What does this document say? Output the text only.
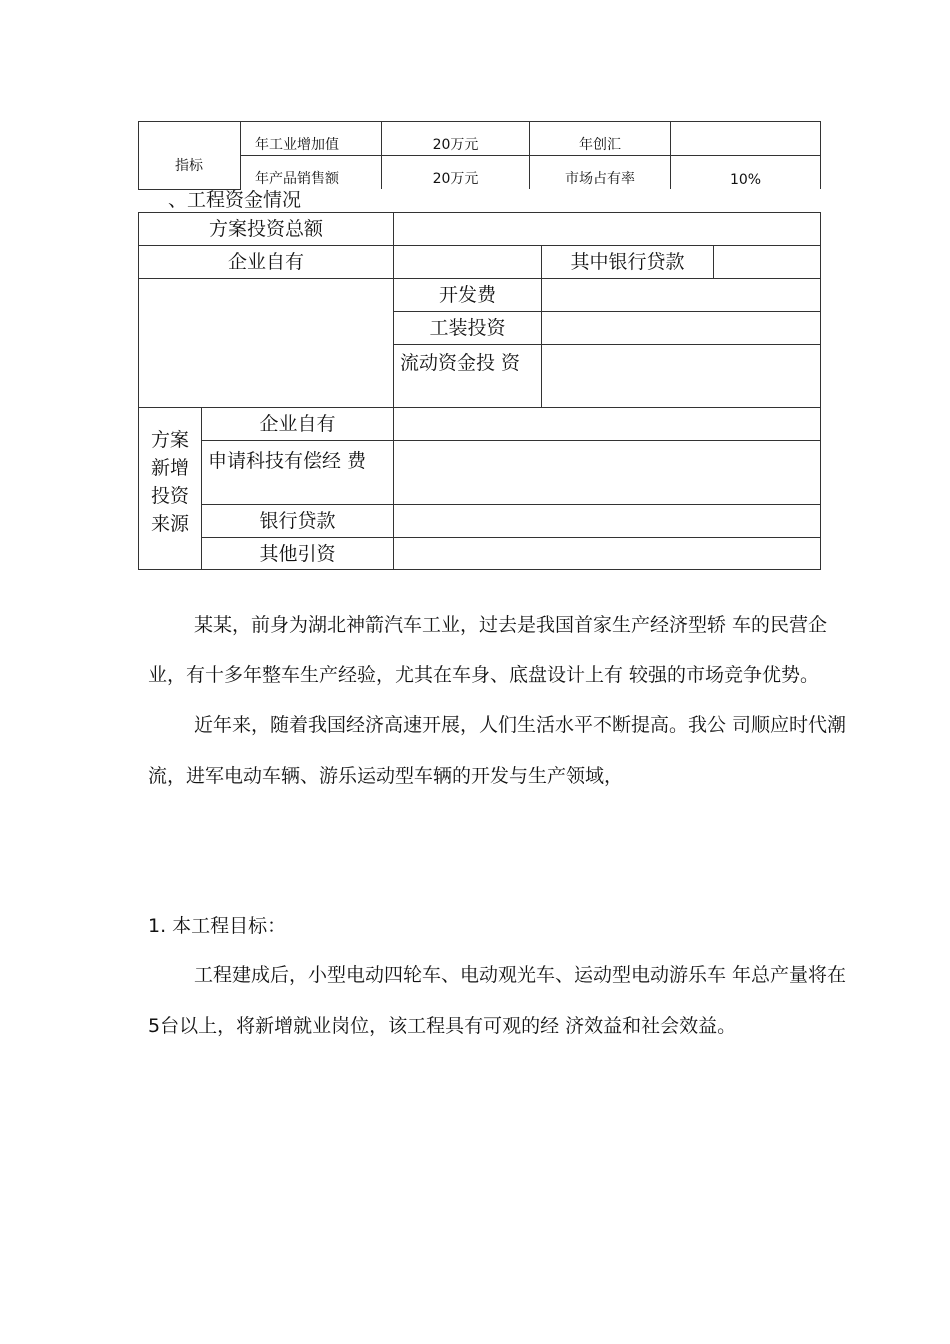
指标	年工业增加值	20万元	年创汇	
	年产品销售额	20万元	市场占有率	10%
、工程资金情况
方案投资总额				
企业自有			其中银行贷款	
		开发费		
		工装投资		
		流动资金投 资		

方案
新增
投资
来源	企业自有			
	申请科技有偿经 费			
	银行贷款			
	其他引资			
某某，前身为湖北神箭汽车工业，过去是我国首家生产经济型轿 车的民营企
业，有十多年整车生产经验，尤其在车身、底盘设计上有 较强的市场竞争优势。
近年来，随着我国经济高速开展，人们生活水平不断提高。我公 司顺应时代潮
流，进军电动车辆、游乐运动型车辆的开发与生产领域，
1. 本工程目标：
工程建成后，小型电动四轮车、电动观光车、运动型电动游乐车 年总产量将在
5台以上，将新增就业岗位，该工程具有可观的经 济效益和社会效益。
